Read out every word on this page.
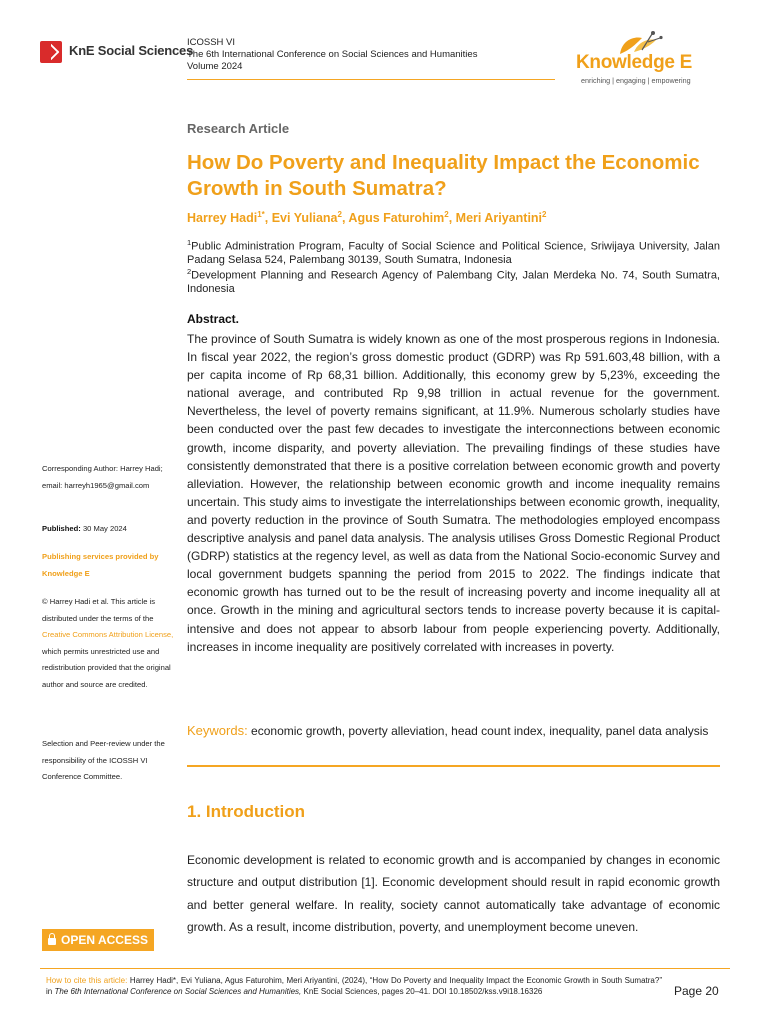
KnE Social Sciences
ICOSSH VI
The 6th International Conference on Social Sciences and Humanities
Volume 2024	Knowledge E
enriching | engaging | empowering
Research Article
How Do Poverty and Inequality Impact the Economic Growth in South Sumatra?
Harrey Hadi$^{1*}$, Evi Yuliana$^2$, Agus Faturohim$^2$, Meri Ariyantini$^2$
$^1$Public Administration Program, Faculty of Social Science and Political Science, Sriwijaya University, Jalan Padang Selasa 524, Palembang 30139, South Sumatra, Indonesia
$^2$Development Planning and Research Agency of Palembang City, Jalan Merdeka No. 74, South Sumatra, Indonesia
Abstract.
The province of South Sumatra is widely known as one of the most prosperous regions in Indonesia. In fiscal year 2022, the region’s gross domestic product (GDRP) was Rp 591.603,48 billion, with a per capita income of Rp 68,31 billion. Additionally, this economy grew by 5,23%, exceeding the national average, and contributed Rp 9,98 trillion in actual revenue for the government. Nevertheless, the level of poverty remains significant, at 11.9%. Numerous scholarly studies have been conducted over the past few decades to investigate the interconnections between economic growth, income disparity, and poverty alleviation. The prevailing findings of these studies have consistently demonstrated that there is a positive correlation between economic growth and poverty alleviation. However, the relationship between economic growth and income inequality remains uncertain. This study aims to investigate the interrelationships between economic growth, inequality, and poverty reduction in the province of South Sumatra. The methodologies employed encompass descriptive analysis and panel data analysis. The analysis utilises Gross Domestic Regional Product (GDRP) statistics at the regency level, as well as data from the National Socio-economic Survey and local government budgets spanning the period from 2015 to 2022. The findings indicate that economic growth has turned out to be the result of increasing poverty and income inequality all at once. Growth in the mining and agricultural sectors tends to increase poverty because it is capital-intensive and does not appear to absorb labour from people experiencing poverty. Additionally, increases in income inequality are positively correlated with increases in poverty.
Keywords: economic growth, poverty alleviation, head count index, inequality, panel data analysis
1. Introduction
Economic development is related to economic growth and is accompanied by changes in economic structure and output distribution [1]. Economic development should result in rapid economic growth and better general welfare. In reality, society cannot automatically take advantage of economic growth. As a result, income distribution, poverty, and unemployment become uneven.
Corresponding Author: Harrey Hadi; email: harreyh1965@gmail.com
Published: 30 May 2024
Publishing services provided by Knowledge E
© Harrey Hadi et al. This article is distributed under the terms of the Creative Commons Attribution License, which permits unrestricted use and redistribution provided that the original author and source are credited.
Selection and Peer-review under the responsibility of the ICOSSH VI Conference Committee.
OPEN ACCESS
How to cite this article: Harrey Hadi*, Evi Yuliana, Agus Faturohim, Meri Ariyantini, (2024), “How Do Poverty and Inequality Impact the Economic Growth in South Sumatra?” in The 6th International Conference on Social Sciences and Humanities, KnE Social Sciences, pages 20–41. DOI 10.18502/kss.v9i18.16326	Page 20
